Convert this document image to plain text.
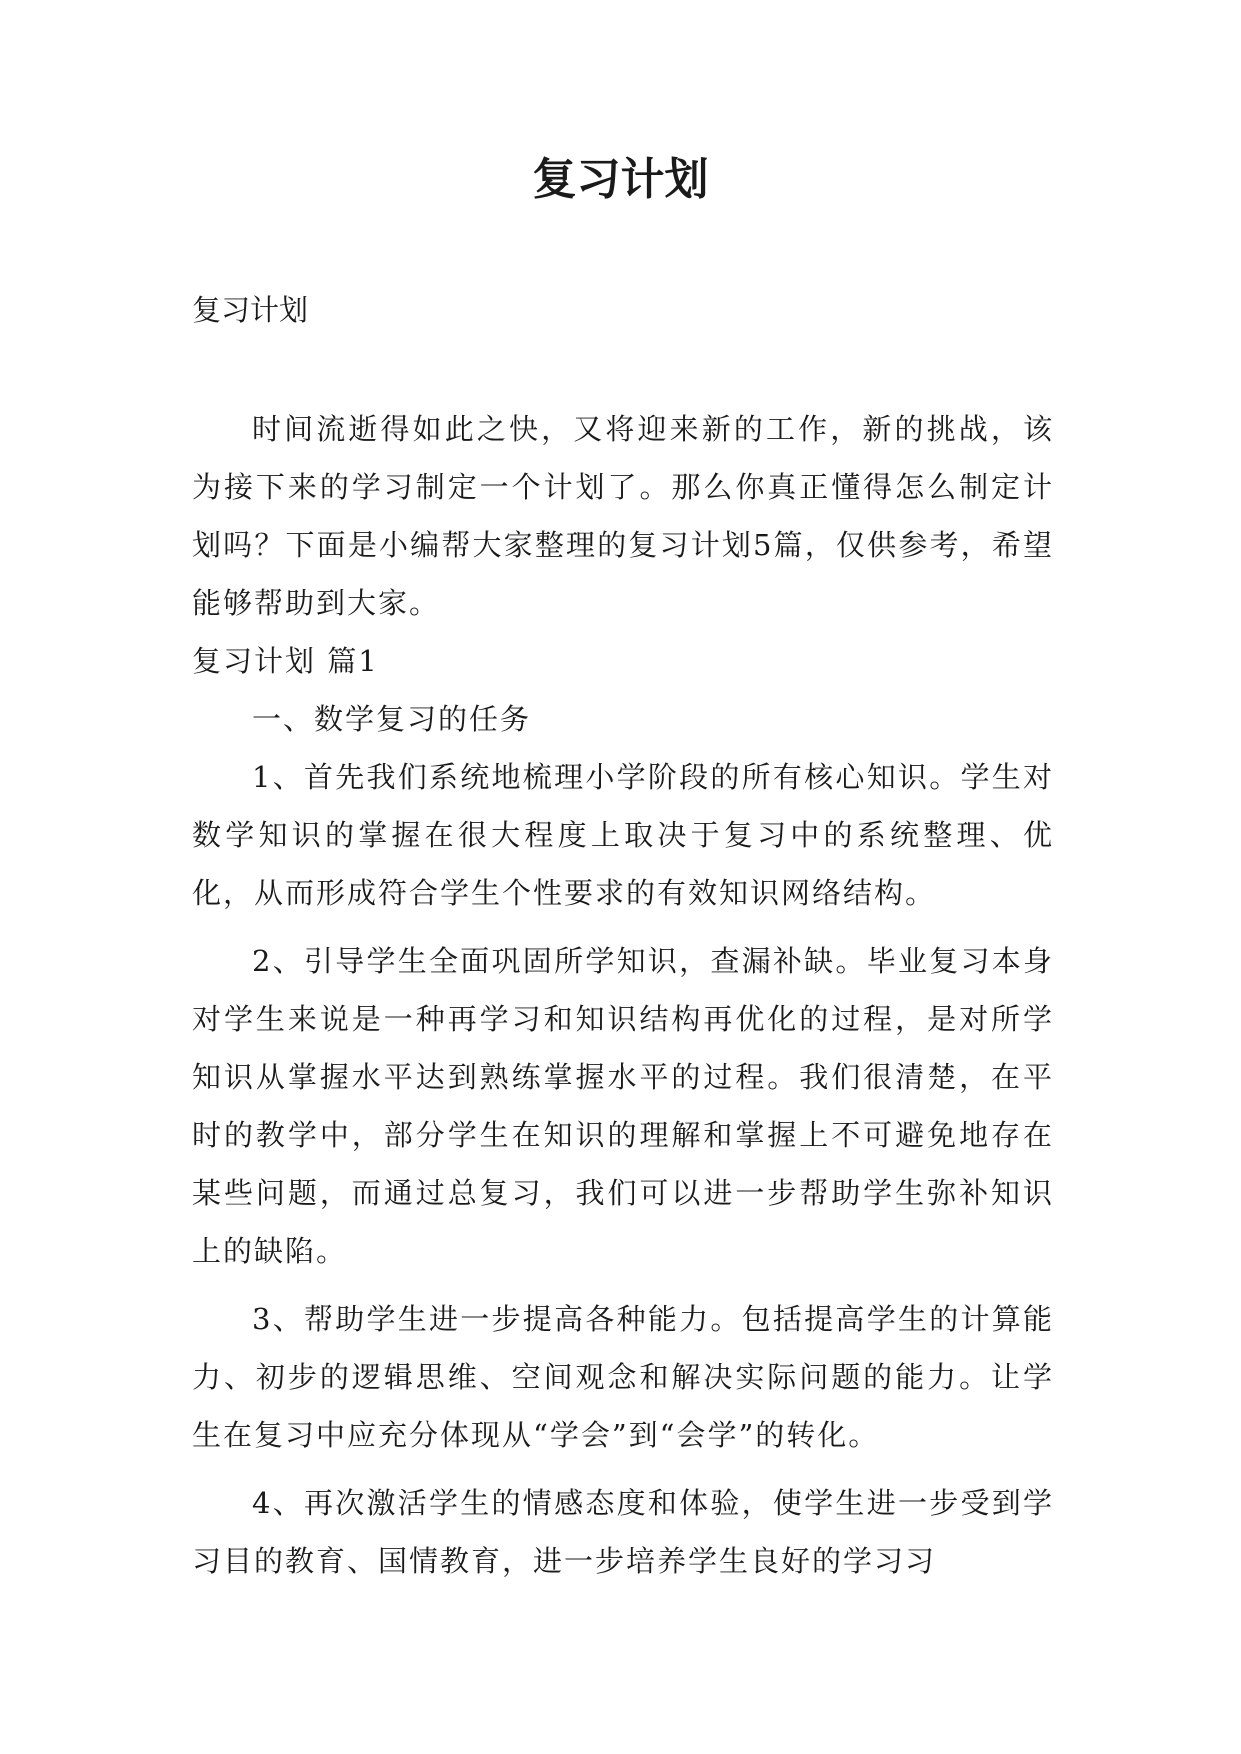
复习计划

复习计划

时间流逝得如此之快，又将迎来新的工作，新的挑战，该为接下来的学习制定一个计划了。那么你真正懂得怎么制定计划吗？下面是小编帮大家整理的复习计划5篇，仅供参考，希望能够帮助到大家。

复习计划 篇1

一、数学复习的任务

1、首先我们系统地梳理小学阶段的所有核心知识。学生对数学知识的掌握在很大程度上取决于复习中的系统整理、优化，从而形成符合学生个性要求的有效知识网络结构。

2、引导学生全面巩固所学知识，查漏补缺。毕业复习本身对学生来说是一种再学习和知识结构再优化的过程，是对所学知识从掌握水平达到熟练掌握水平的过程。我们很清楚，在平时的教学中，部分学生在知识的理解和掌握上不可避免地存在某些问题，而通过总复习，我们可以进一步帮助学生弥补知识上的缺陷。

3、帮助学生进一步提高各种能力。包括提高学生的计算能力、初步的逻辑思维、空间观念和解决实际问题的能力。让学生在复习中应充分体现从“学会”到“会学”的转化。

4、再次激活学生的情感态度和体验，使学生进一步受到学习目的教育、国情教育，进一步培养学生良好的学习习
